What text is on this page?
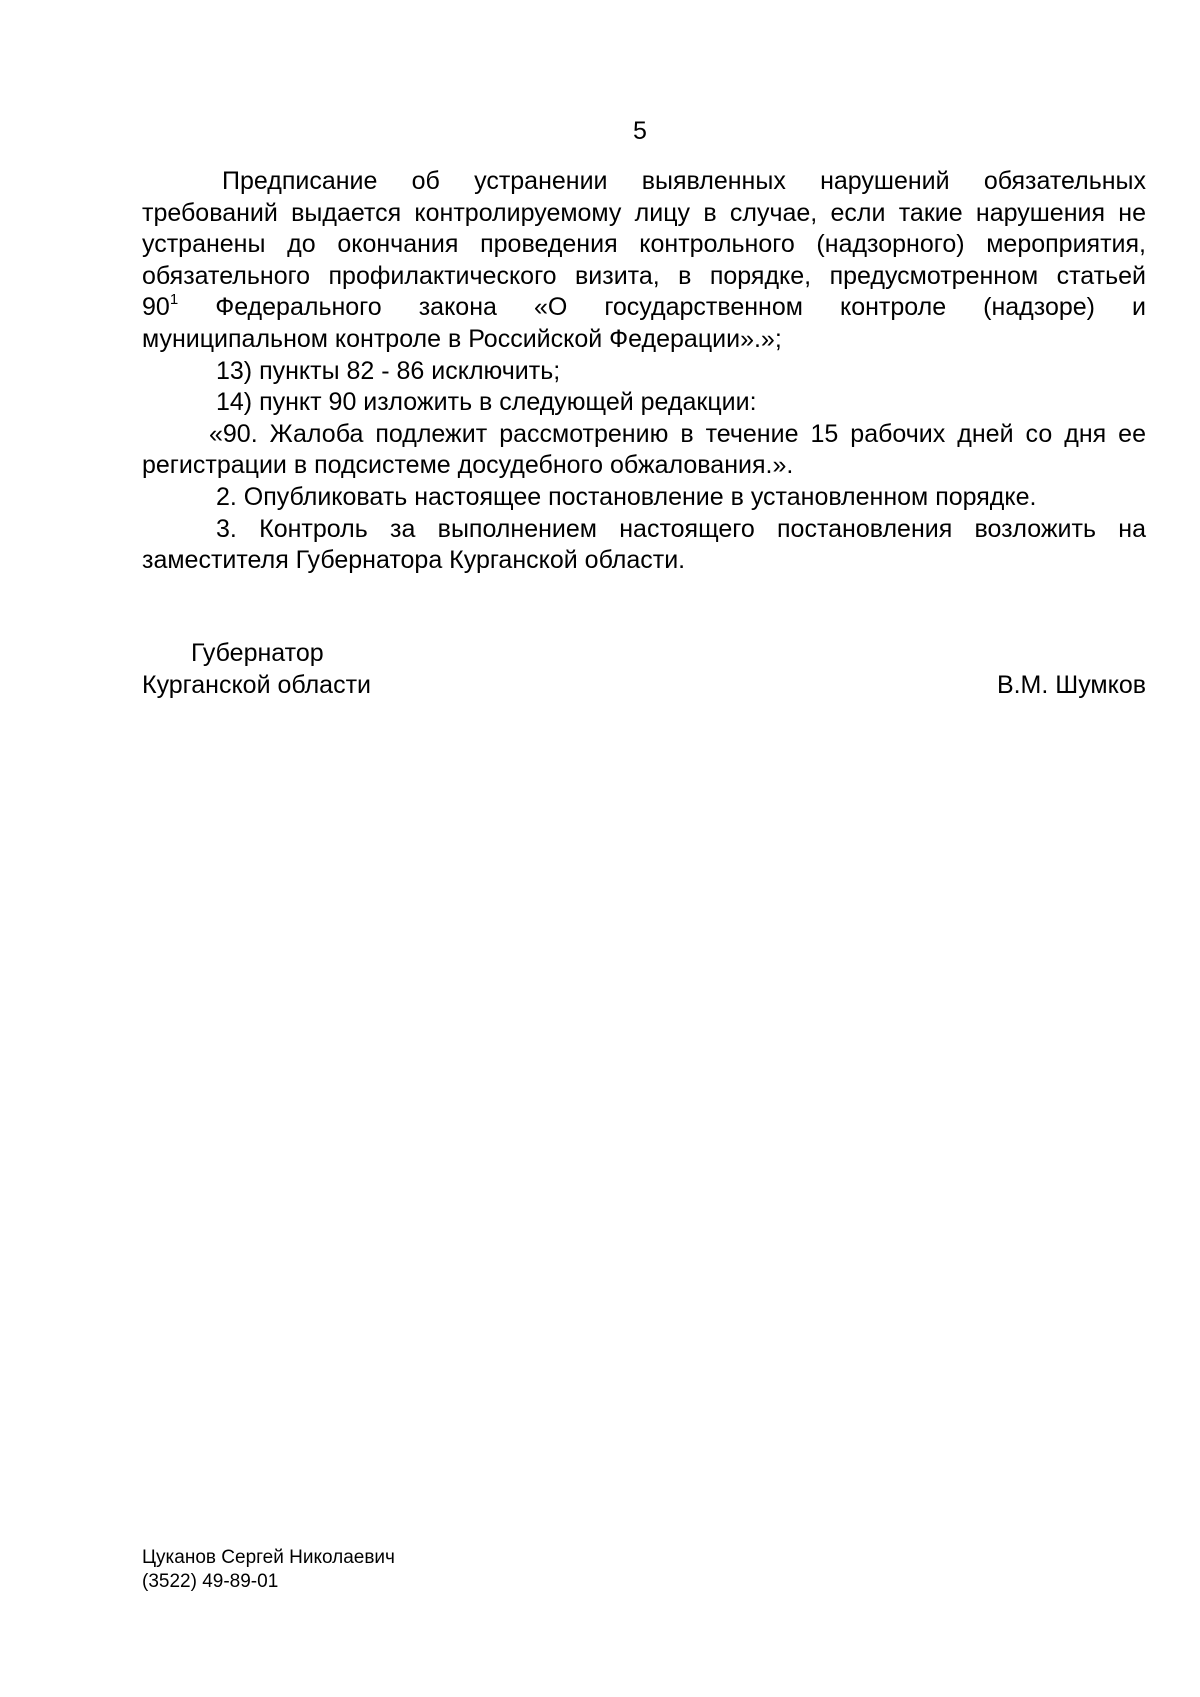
5
Предписание об устранении выявленных нарушений обязательных
требований выдается контролируемому лицу в случае, если такие нарушения не
устранены до окончания проведения контрольного (надзорного) мероприятия,
обязательного профилактического визита, в порядке, предусмотренном статьей
$90^1$ Федерального закона «О государственном контроле (надзоре) и
муниципальном контроле в Российской Федерации».»;

13) пункты 82 - 86 исключить;

14) пункт 90 изложить в следующей редакции:

«90. Жалоба подлежит рассмотрению в течение 15 рабочих дней со дня ее
регистрации в подсистеме досудебного обжалования.».

2. Опубликовать настоящее постановление в установленном порядке.

3. Контроль за выполнением настоящего постановления возложить на
заместителя Губернатора Курганской области.
Губернатор
Курганской области	В.М. Шумков
Цуканов Сергей Николаевич
(3522) 49-89-01
